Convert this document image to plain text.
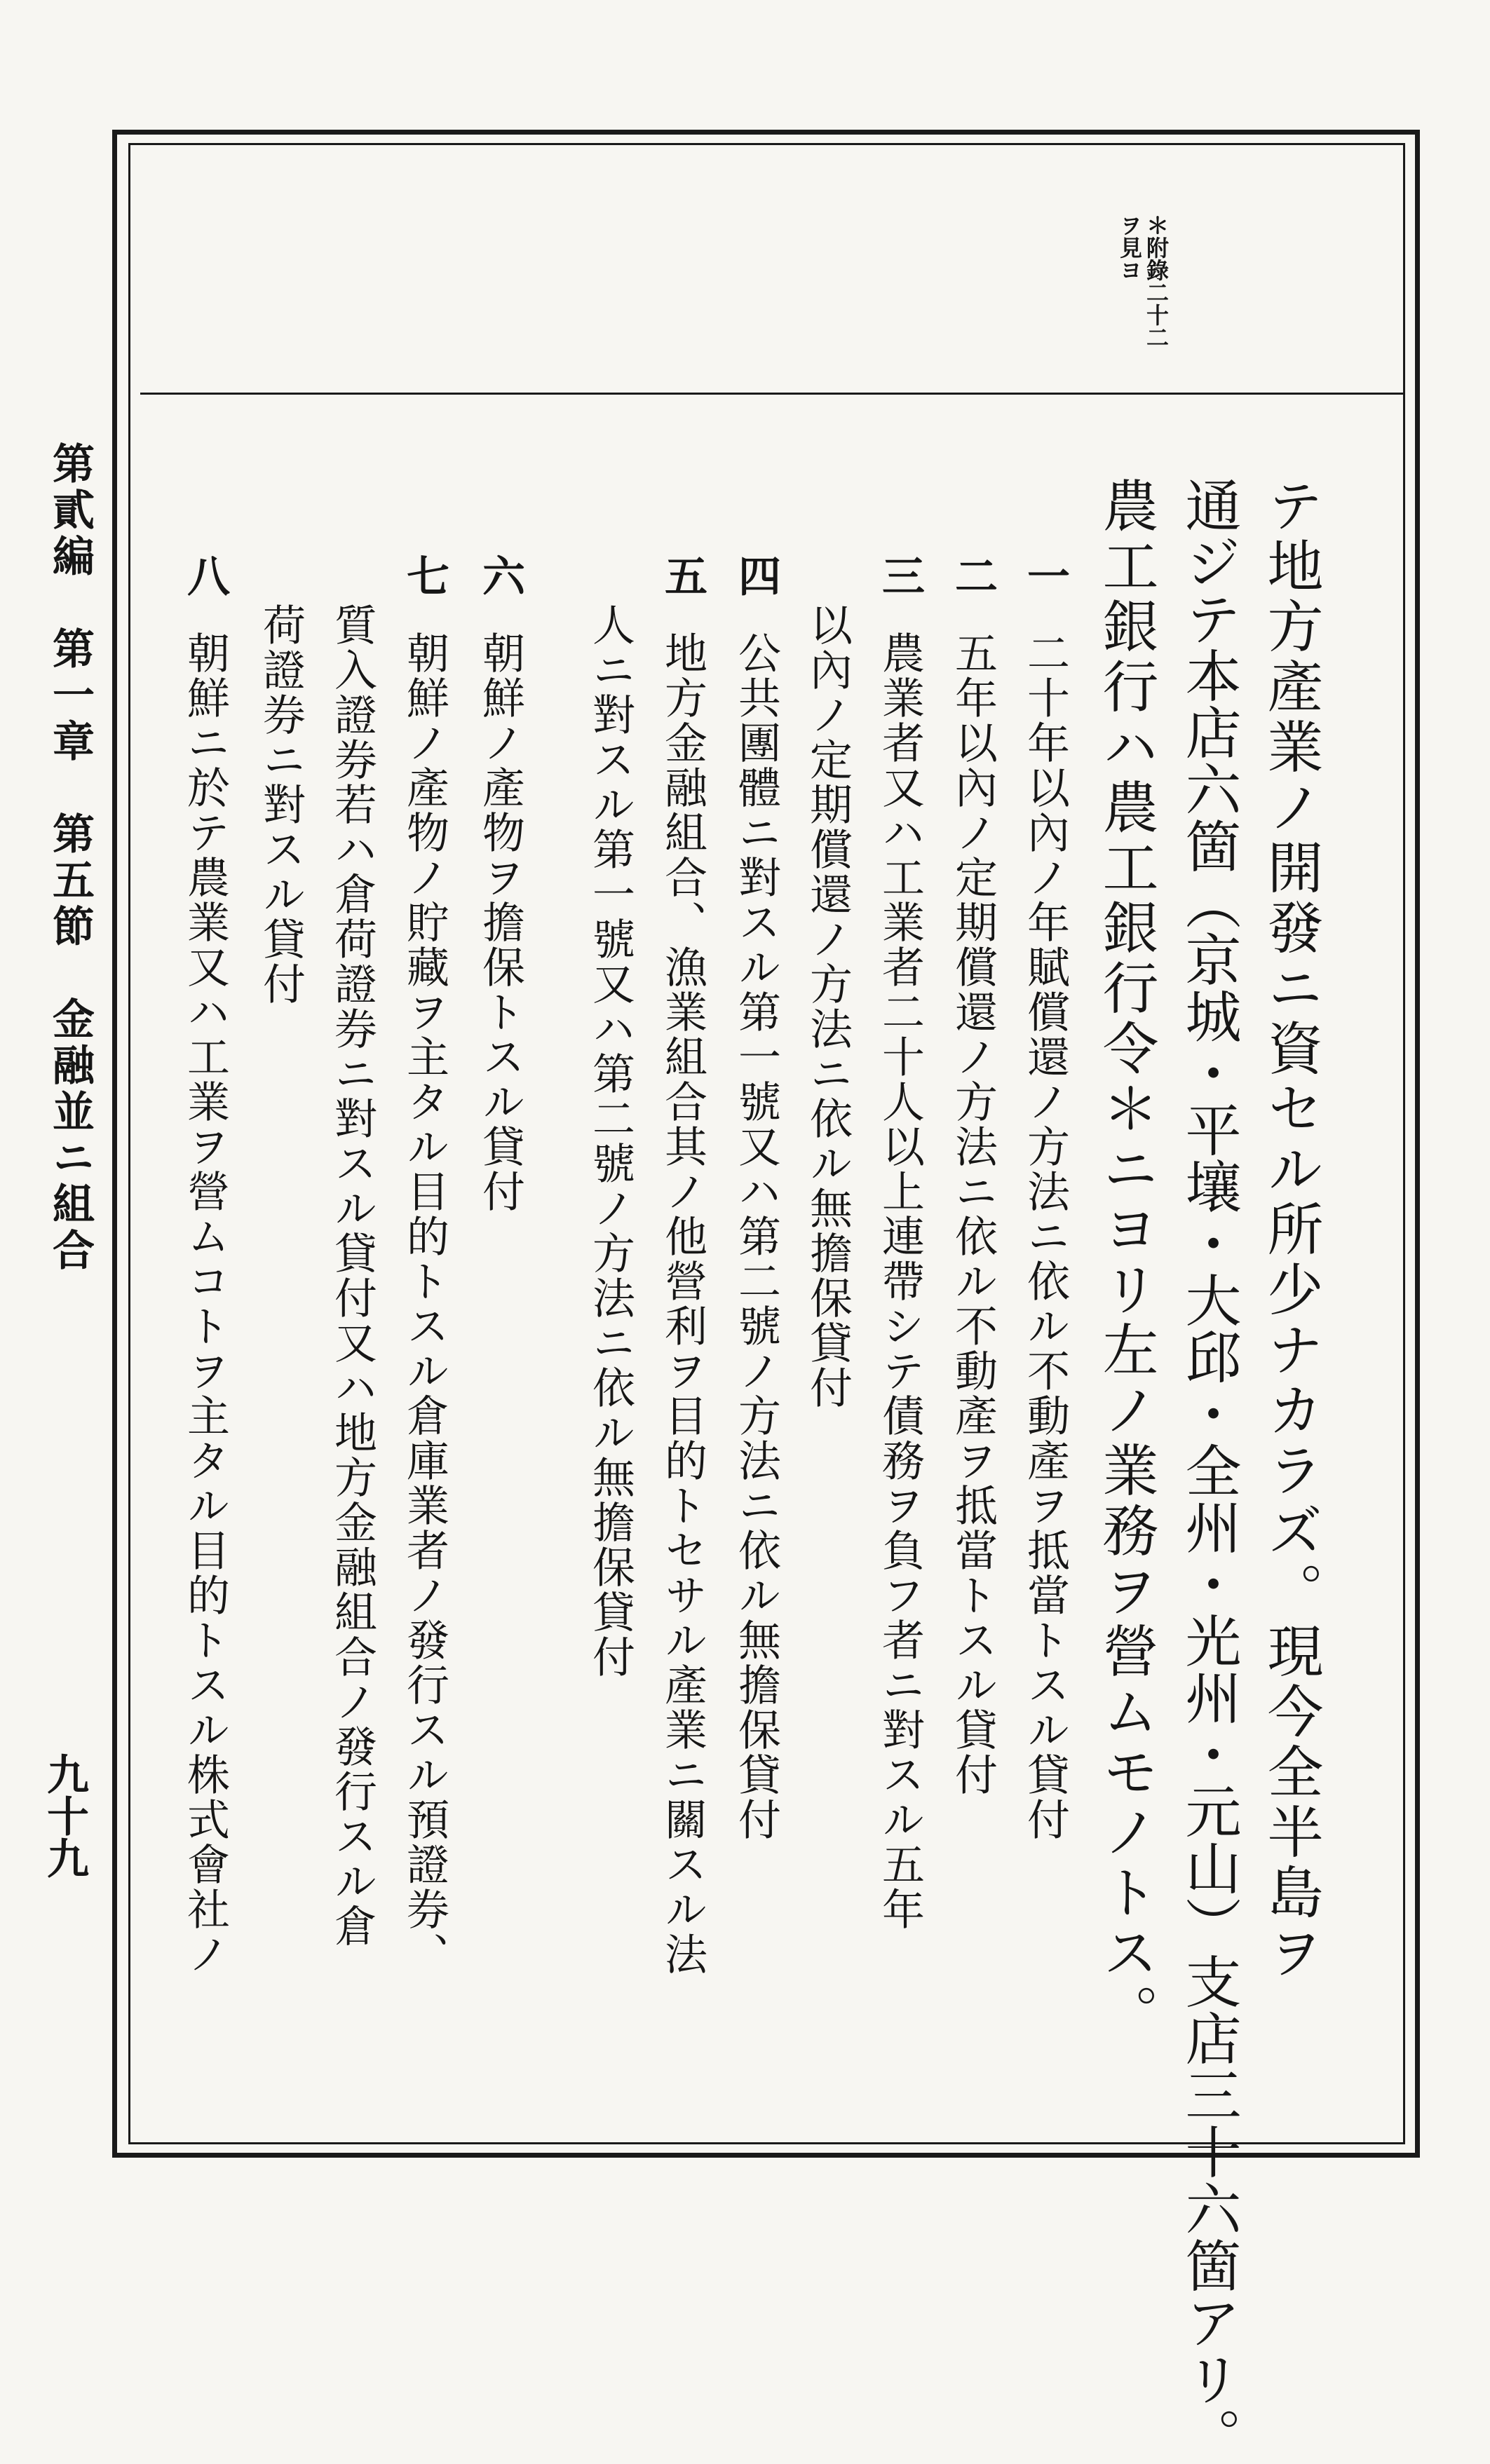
＊附錄二十二
ヲ見ヨ
テ地方產業ノ開發ニ資セル所少ナカラズ。現今全半島ヲ
通ジテ本店六箇（京城・平壤・大邱・全州・光州・元山）支店三十六箇アリ。
農工銀行ハ農工銀行令＊ニヨリ左ノ業務ヲ營ムモノトス。
一
二十年以內ノ年賦償還ノ方法ニ依ル不動產ヲ抵當トスル貸付
二
五年以內ノ定期償還ノ方法ニ依ル不動產ヲ抵當トスル貸付
三
農業者又ハ工業者二十人以上連帶シテ債務ヲ負フ者ニ對スル五年
以內ノ定期償還ノ方法ニ依ル無擔保貸付
四
公共團體ニ對スル第一號又ハ第二號ノ方法ニ依ル無擔保貸付
五
地方金融組合、漁業組合其ノ他營利ヲ目的トセサル產業ニ關スル法
人ニ對スル第一號又ハ第二號ノ方法ニ依ル無擔保貸付
六
朝鮮ノ產物ヲ擔保トスル貸付
七
朝鮮ノ產物ノ貯藏ヲ主タル目的トスル倉庫業者ノ發行スル預證券、
質入證券若ハ倉荷證券ニ對スル貸付又ハ地方金融組合ノ發行スル倉
荷證券ニ對スル貸付
八
朝鮮ニ於テ農業又ハ工業ヲ營ムコトヲ主タル目的トスル株式會社ノ
第貳編　第一章　第五節　金融並ニ組合
九十九
